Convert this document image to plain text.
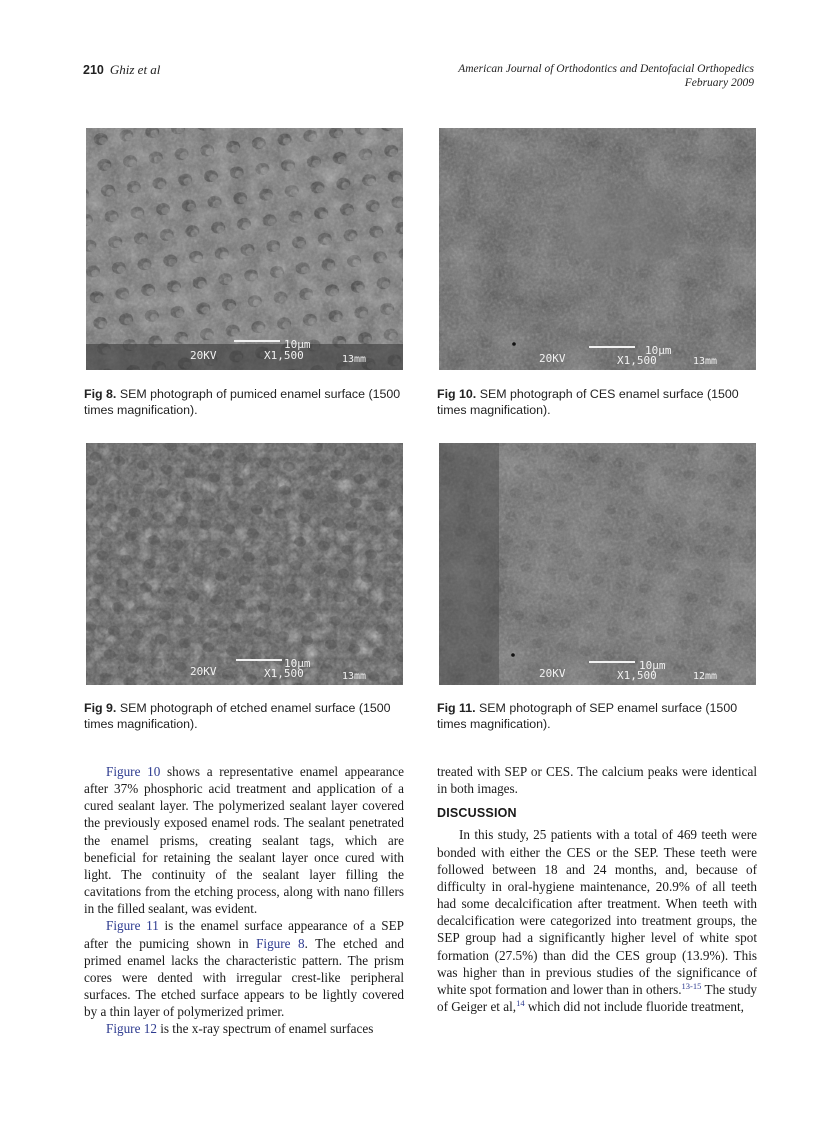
210 Ghiz et al	American Journal of Orthodontics and Dentofacial Orthopedics
February 2009
10µm
20KV	X1,500	13mm
Fig 8. SEM photograph of pumiced enamel surface (1500 times magnification).
10µm
20KV	X1,500	13mm
Fig 10. SEM photograph of CES enamel surface (1500 times magnification).
10µm
20KV	X1,500	13mm
Fig 9. SEM photograph of etched enamel surface (1500 times magnification).
10µm
20KV	X1,500	12mm
Fig 11. SEM photograph of SEP enamel surface (1500 times magnification).

Figure 10 shows a representative enamel appearance after 37% phosphoric acid treatment and application of a cured sealant layer. The polymerized sealant layer covered the previously exposed enamel rods. The sealant penetrated the enamel prisms, creating sealant tags, which are beneficial for retaining the sealant layer once cured with light. The continuity of the sealant layer filling the cavitations from the etching process, along with nano fillers in the filled sealant, was evident.

Figure 11 is the enamel surface appearance of a SEP after the pumicing shown in Figure 8. The etched and primed enamel lacks the characteristic pattern. The prism cores were dented with irregular crest-like peripheral surfaces. The etched surface appears to be lightly covered by a thin layer of polymerized primer.

Figure 12 is the x-ray spectrum of enamel surfaces

treated with SEP or CES. The calcium peaks were identical in both images.

DISCUSSION

In this study, 25 patients with a total of 469 teeth were bonded with either the CES or the SEP. These teeth were followed between 18 and 24 months, and, because of difficulty in oral-hygiene maintenance, 20.9% of all teeth had some decalcification after treatment. When teeth with decalcification were categorized into treatment groups, the SEP group had a significantly higher level of white spot formation (27.5%) than did the CES group (13.9%). This was higher than in previous studies of the significance of white spot formation and lower than in others.$^{13-15}$ The study of Geiger et al,$^{14}$ which did not include fluoride treatment,
